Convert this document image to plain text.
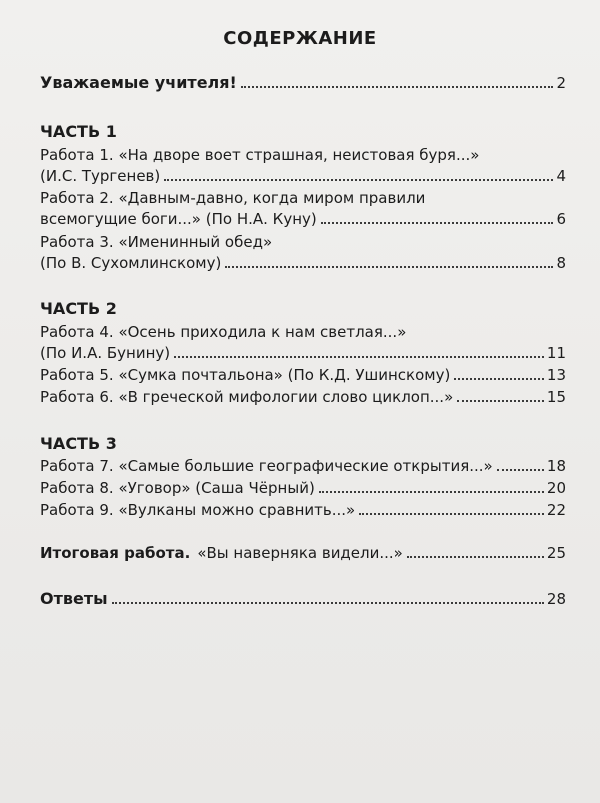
СОДЕРЖАНИЕ
Уважаемые учителя!	2
ЧАСТЬ 1
Работа 1. «На дворе воет страшная, неистовая буря...»
(И.С. Тургенев)	4
Работа 2. «Давным-давно, когда миром правили
всемогущие боги...» (По Н.А. Куну)	6
Работа 3. «Именинный обед»
(По В. Сухомлинскому)	8
ЧАСТЬ 2
Работа 4. «Осень приходила к нам светлая...»
(По И.А. Бунину)	11
Работа 5. «Сумка почтальона» (По К.Д. Ушинскому)	13
Работа 6. «В греческой мифологии слово циклоп...»	15
ЧАСТЬ 3
Работа 7. «Самые большие географические открытия...»	18
Работа 8. «Уговор» (Саша Чёрный)	20
Работа 9. «Вулканы можно сравнить...»	22
Итоговая работа. «Вы наверняка видели...»	25
Ответы	28
